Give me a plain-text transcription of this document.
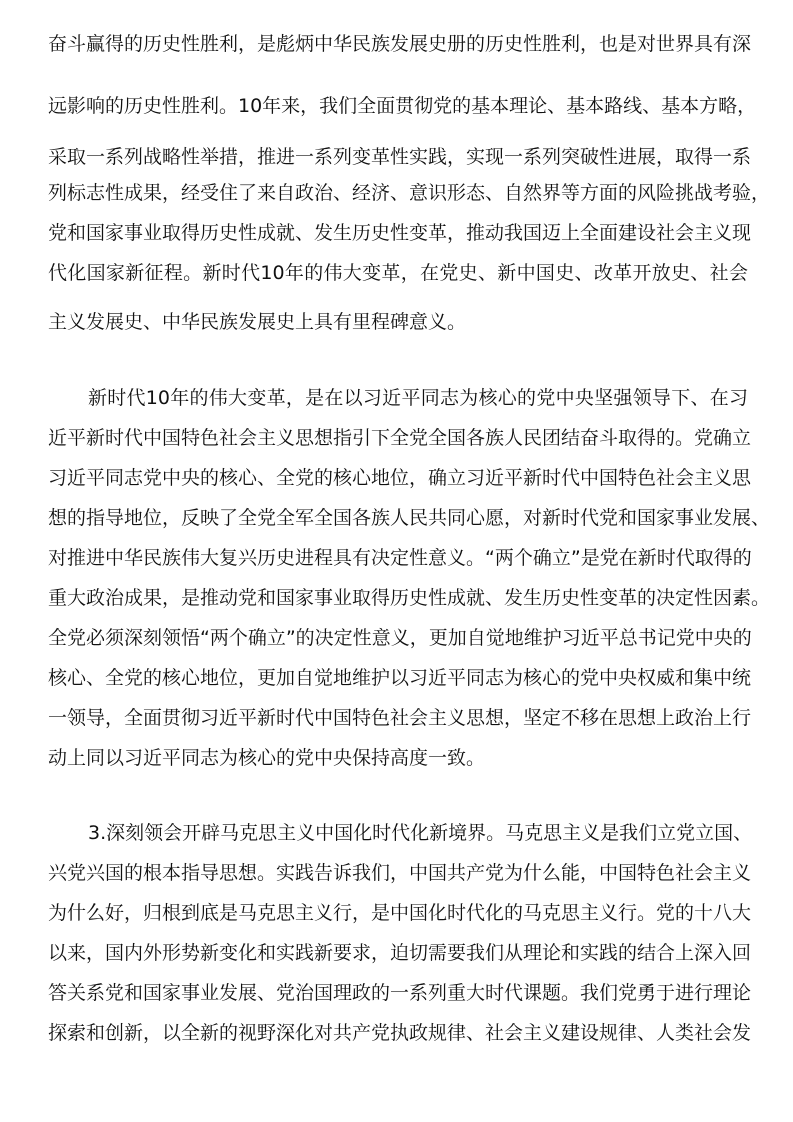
奋斗赢得的历史性胜利，是彪炳中华民族发展史册的历史性胜利，也是对世界具有深
远影响的历史性胜利。10年来，我们全面贯彻党的基本理论、基本路线、基本方略，
采取一系列战略性举措，推进一系列变革性实践，实现一系列突破性进展，取得一系
列标志性成果，经受住了来自政治、经济、意识形态、自然界等方面的风险挑战考验，
党和国家事业取得历史性成就、发生历史性变革，推动我国迈上全面建设社会主义现
代化国家新征程。新时代10年的伟大变革，在党史、新中国史、改革开放史、社会
主义发展史、中华民族发展史上具有里程碑意义。
新时代10年的伟大变革，是在以习近平同志为核心的党中央坚强领导下、在习
近平新时代中国特色社会主义思想指引下全党全国各族人民团结奋斗取得的。党确立
习近平同志党中央的核心、全党的核心地位，确立习近平新时代中国特色社会主义思
想的指导地位，反映了全党全军全国各族人民共同心愿，对新时代党和国家事业发展、
对推进中华民族伟大复兴历史进程具有决定性意义。“两个确立”是党在新时代取得的
重大政治成果，是推动党和国家事业取得历史性成就、发生历史性变革的决定性因素。
全党必须深刻领悟“两个确立”的决定性意义，更加自觉地维护习近平总书记党中央的
核心、全党的核心地位，更加自觉地维护以习近平同志为核心的党中央权威和集中统
一领导，全面贯彻习近平新时代中国特色社会主义思想，坚定不移在思想上政治上行
动上同以习近平同志为核心的党中央保持高度一致。
3.深刻领会开辟马克思主义中国化时代化新境界。马克思主义是我们立党立国、
兴党兴国的根本指导思想。实践告诉我们，中国共产党为什么能，中国特色社会主义
为什么好，归根到底是马克思主义行，是中国化时代化的马克思主义行。党的十八大
以来，国内外形势新变化和实践新要求，迫切需要我们从理论和实践的结合上深入回
答关系党和国家事业发展、党治国理政的一系列重大时代课题。我们党勇于进行理论
探索和创新，以全新的视野深化对共产党执政规律、社会主义建设规律、人类社会发
